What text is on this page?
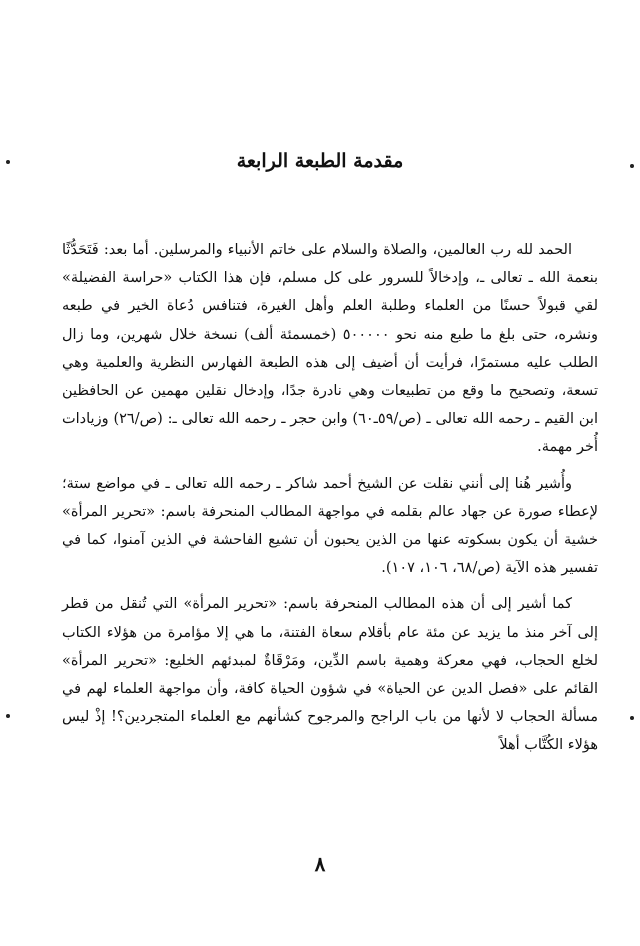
مقدمة الطبعة الرابعة

الحمد لله رب العالمين، والصلاة والسلام على خاتم الأنبياء والمرسلين. أما بعد: فَتَحَدُّثًا بنعمة الله ـ تعالى ـ، وإدخالاً للسرور على كل مسلم، فإن هذا الكتاب «حراسة الفضيلة» لقي قبولاً حسنًا من العلماء وطلبة العلم وأهل الغيرة، فتنافس دُعاة الخير في طبعه ونشره، حتى بلغ ما طبع منه نحو ٥٠٠٠٠٠ (خمسمئة ألف) نسخة خلال شهرين، وما زال الطلب عليه مستمرًا، فرأيت أن أضيف إلى هذه الطبعة الفهارس النظرية والعلمية وهي تسعة، وتصحيح ما وقع من تطبيعات وهي نادرة جدًا، وإدخال نقلين مهمين عن الحافظين ابن القيم ـ رحمه الله تعالى ـ (ص/٥٩ـ٦٠) وابن حجر ـ رحمه الله تعالى ـ: (ص/٢٦) وزيادات أُخر مهمة.

وأُشير هُنا إلى أنني نقلت عن الشيخ أحمد شاكر ـ رحمه الله تعالى ـ في مواضع ستة؛ لإعطاء صورة عن جهاد عالم بقلمه في مواجهة المطالب المنحرفة باسم: «تحرير المرأة» خشية أن يكون بسكوته عنها من الذين يحبون أن تشيع الفاحشة في الذين آمنوا، كما في تفسير هذه الآية (ص/٦٨، ١٠٦، ١٠٧).

كما أشير إلى أن هذه المطالب المنحرفة باسم: «تحرير المرأة» التي تُنقل من قطر إلى آخر منذ ما يزيد عن مئة عام بأقلام سعاة الفتنة، ما هي إلا مؤامرة من هؤلاء الكتاب لخلع الحجاب، فهي معركة وهمية باسم الدِّين، ومَرْقَاةٌ لمبدئهم الخليع: «تحرير المرأة» القائم على «فصل الدين عن الحياة» في شؤون الحياة كافة، وأن مواجهة العلماء لهم في مسألة الحجاب لا لأنها من باب الراجح والمرجوح كشأنهم مع العلماء المتجردين؟! إذْ ليس هؤلاء الكُتَّاب أهلاً

٨
